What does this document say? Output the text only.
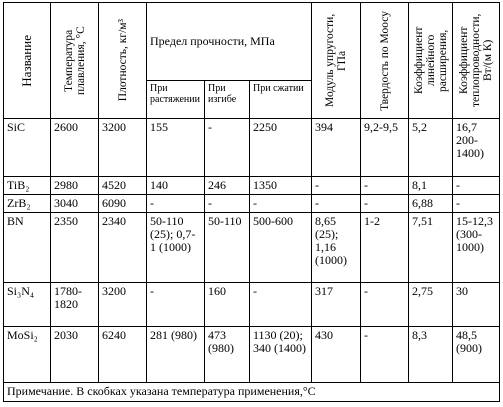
Название	Температура плавления, °С	Плотность, кг/м³	Предел прочности, МПа			Модуль упругости, ГПа	Твердость по Моосу	Коэффициент линейного расширения,	Коэффициент теплопроводности, Вт/(м К)

			При растяжении	При изгибе	При сжатии				
SiC	2600	3200	155	-	2250	394	9,2-9,5	5,2	16,7 200-1400)
TiB₂	2980	4520	140	246	1350	-	-	8,1	-
ZrB₂	3040	6090	-	-	-	-	-	6,88	-
BN	2350	2340	50-110 (25); 0,7-1 (1000)	50-110	500-600	8,65 (25); 1,16 (1000)	1-2	7,51	15-12,3 (300-1000)
Si₃N₄	1780-1820	3200	-	160	-	317	-	2,75	30
MoSi₂	2030	6240	281 (980)	473 (980)	1130 (20); 340 (1400)	430	-	8,3	48,5 (900)
Примечание. В скобках указана температура применения,°С									
